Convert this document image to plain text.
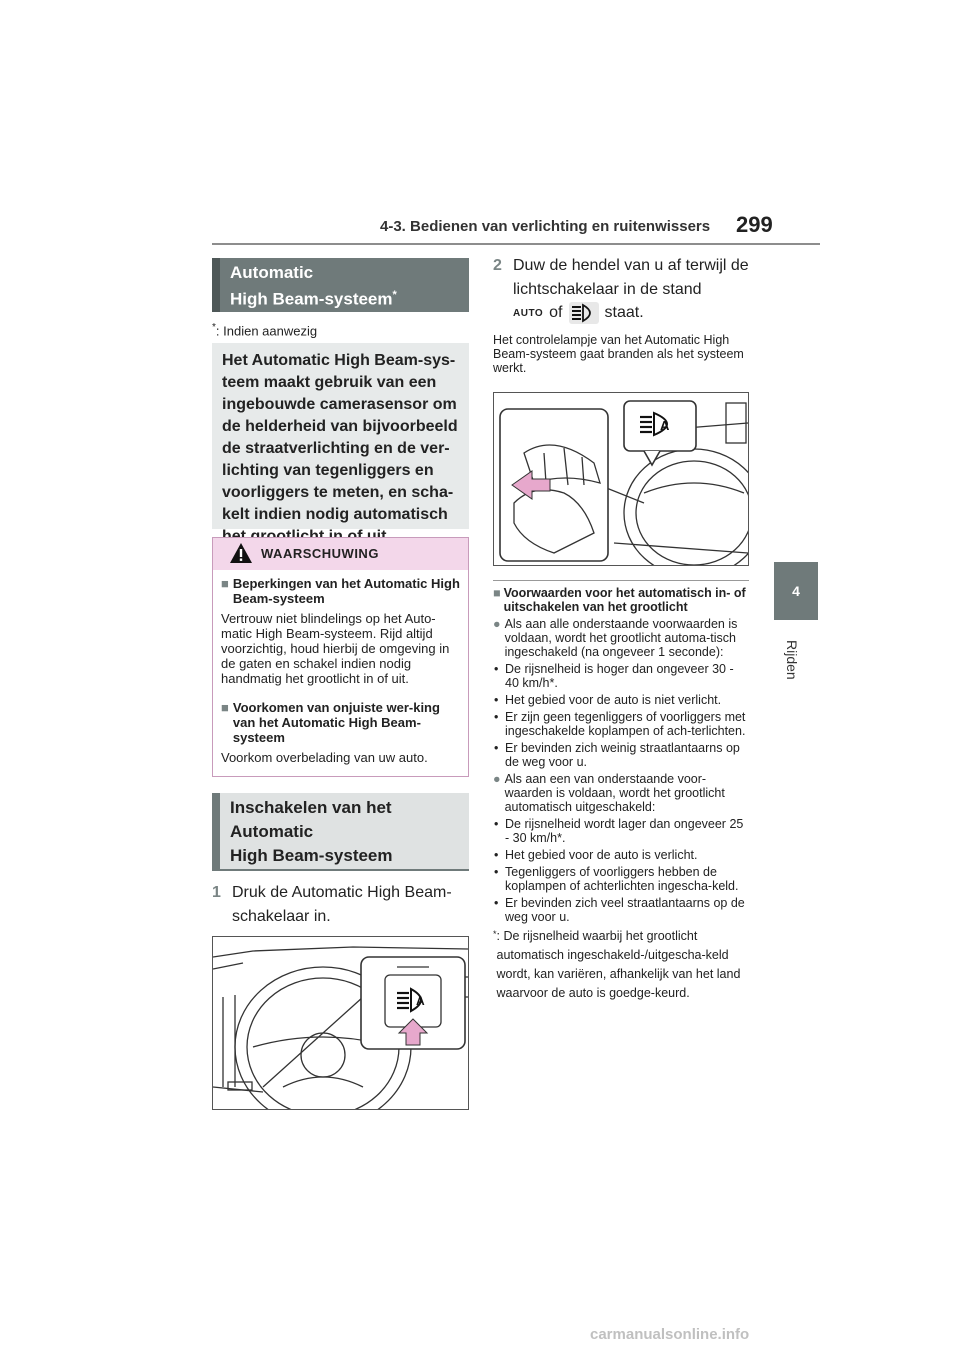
4-3. Bedienen van verlichting en ruitenwissers 299
4
Rijden
Automatic
High Beam-systeem*
*: Indien aanwezig
Het Automatic High Beam-sys-teem maakt gebruik van een ingebouwde camerasensor om de helderheid van bijvoorbeeld de straatverlichting en de ver-lichting van tegenliggers en voorliggers te meten, en scha-kelt indien nodig automatisch
WAARSCHUWING
■ Beperkingen van het Automatic High Beam-systeem
Vertrouw niet blindelings op het Auto-matic High Beam-systeem. Rijd altijd voorzichtig, houd hierbij de omgeving in de gaten en schakel indien nodig handmatig het grootlicht in of uit.
■ Voorkomen van onjuiste wer-king van het Automatic High Beam-systeem
Voorkom overbelading van uw auto.
Inschakelen van het
Automatic
High Beam-systeem
1 Druk de Automatic High Beam-schakelaar in.
A
2 Duw de hendel van u af terwijl de lichtschakelaar in de stand
AUTO of	staat.
Het controlelampje van het Automatic High Beam-systeem gaat branden als het systeem werkt.
A
■ Voorwaarden voor het automatisch in- of uitschakelen van het grootlicht
● Als aan alle onderstaande voorwaarden is voldaan, wordt het grootlicht automa-tisch ingeschakeld (na ongeveer 1 seconde):
• De rijsnelheid is hoger dan ongeveer 30 - 40 km/h*.
• Het gebied voor de auto is niet verlicht.
• Er zijn geen tegenliggers of voorliggers met ingeschakelde koplampen of ach-terlichten.
• Er bevinden zich weinig straatlantaarns op de weg voor u.
● Als aan een van onderstaande voor-waarden is voldaan, wordt het grootlicht automatisch uitgeschakeld:
• De rijsnelheid wordt lager dan ongeveer 25 - 30 km/h*.
• Het gebied voor de auto is verlicht.
• Tegenliggers of voorliggers hebben de koplampen of achterlichten ingescha-keld.
• Er bevinden zich veel straatlantaarns op de weg voor u.
* : De rijsnelheid waarbij het grootlicht automatisch ingeschakeld-/uitgescha-keld wordt, kan variëren, afhankelijk van het land waarvoor de auto is goedge-keurd.
carmanualsonline.info
